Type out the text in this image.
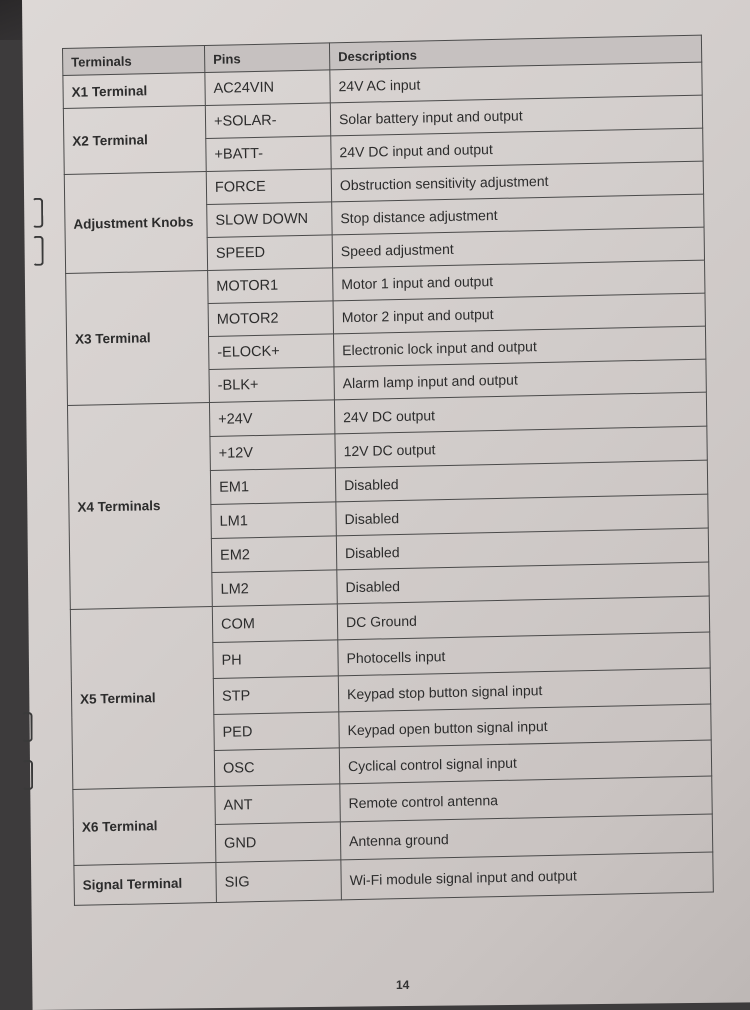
Terminals	Pins	Descriptions
X1 Terminal	AC24VIN	24V AC input
X2 Terminal	+SOLAR-	Solar battery input and output
	+BATT-	24V DC input and output
Adjustment Knobs	FORCE	Obstruction sensitivity adjustment
	SLOW DOWN	Stop distance adjustment
	SPEED	Speed adjustment
X3 Terminal	MOTOR1	Motor 1 input and output
	MOTOR2	Motor 2 input and output
	-ELOCK+	Electronic lock input and output
	-BLK+	Alarm lamp input and output
X4 Terminals	+24V	24V DC output
	+12V	12V DC output
	EM1	Disabled
	LM1	Disabled
	EM2	Disabled
	LM2	Disabled
X5 Terminal	COM	DC Ground
	PH	Photocells input
	STP	Keypad stop button signal input
	PED	Keypad open button signal input
	OSC	Cyclical control signal input
X6 Terminal	ANT	Remote control antenna
	GND	Antenna ground
Signal Terminal	SIG	Wi-Fi module signal input and output
14
